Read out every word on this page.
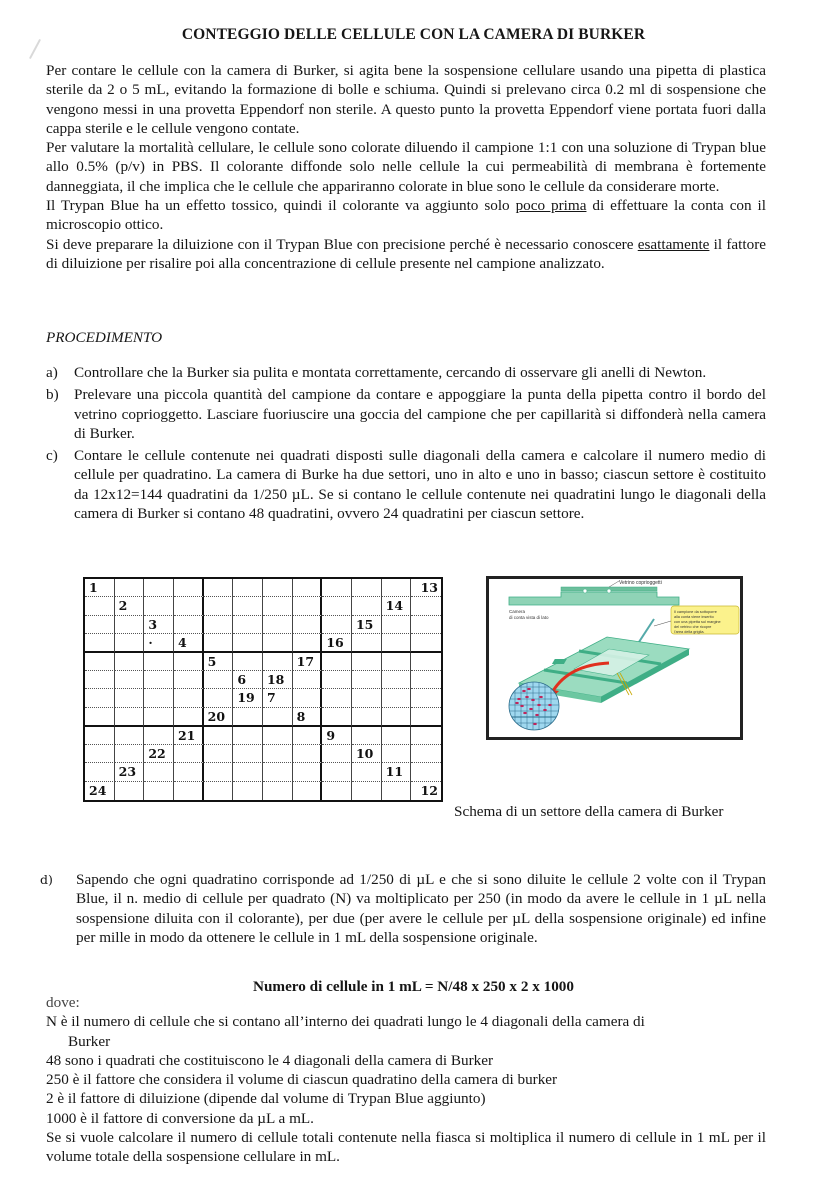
CONTEGGIO DELLE CELLULE CON LA CAMERA DI BURKER

Per contare le cellule con la camera di Burker, si agita bene la sospensione cellulare usando una pipetta di plastica sterile da 2 o 5 mL, evitando la formazione di bolle e schiuma. Quindi si prelevano circa 0.2 ml di sospensione che vengono messi in una provetta Eppendorf non sterile. A questo punto la provetta Eppendorf viene portata fuori dalla cappa sterile e le cellule vengono contate.

Per valutare la mortalità cellulare, le cellule sono colorate diluendo il campione 1:1 con una soluzione di Trypan blue allo 0.5% (p/v) in PBS. Il colorante diffonde solo nelle cellule la cui permeabilità di membrana è fortemente danneggiata, il che implica che le cellule che appariranno colorate in blue sono le cellule da considerare morte.

Il Trypan Blue ha un effetto tossico, quindi il colorante va aggiunto solo poco prima di effettuare la conta con il microscopio ottico.

Si deve preparare la diluizione con il Trypan Blue con precisione perché è necessario conoscere esattamente il fattore di diluizione per risalire poi alla concentrazione di cellule presente nel campione analizzato.

PROCEDIMENTO
a)	Controllare che la Burker sia pulita e montata correttamente, cercando di osservare gli anelli di Newton.
b)	Prelevare una piccola quantità del campione da contare e appoggiare la punta della pipetta contro il bordo del vetrino coprioggetto. Lasciare fuoriuscire una goccia del campione che per capillarità si diffonderà nella camera di Burker.
c)	Contare le cellule contenute nei quadrati disposti sulle diagonali della camera e calcolare il numero medio di cellule per quadratino. La camera di Burke ha due settori, uno in alto e uno in basso; ciascun settore è costituito da 12x12=144 quadratini da 1/250 µL. Se si contano le cellule contenute nei quadratini lungo le diagonali della camera di Burker si contano 48 quadratini, ovvero 24 quadratini per ciascun settore.
1	13
2	14
3	15
·	4	16
5	17
6	18
19 7
20	8
21	9
22	10
23	11
24	12
Vetrino coprioggetti
Camera
di conta vista di lato
Il campione da sottoporre
alla conta viene inserito
con una pipetta sul margine
del vetrino che ricopre
l'area della griglia.
Schema di un settore della camera di Burker
d) Sapendo che ogni quadratino corrisponde ad 1/250 di µL e che si sono diluite le cellule 2 volte con il Trypan Blue, il n. medio di cellule per quadrato (N) va moltiplicato per 250 (in modo da avere le cellule in 1 µL nella sospensione diluita con il colorante), per due (per avere le cellule per µL della sospensione originale) ed infine per mille in modo da ottenere le cellule in 1 mL della sospensione originale.
Numero di cellule in 1 mL = N/48 x 250 x 2 x 1000

dove:

N è il numero di cellule che si contano all’interno dei quadrati lungo le 4 diagonali della camera di

Burker

48 sono i quadrati che costituiscono le 4 diagonali della camera di Burker

250 è il fattore che considera il volume di ciascun quadratino della camera di burker

2 è il fattore di diluizione (dipende dal volume di Trypan Blue aggiunto)

1000 è il fattore di conversione da µL a mL.

Se si vuole calcolare il numero di cellule totali contenute nella fiasca si moltiplica il numero di cellule in 1 mL per il volume totale della sospensione cellulare in mL.
